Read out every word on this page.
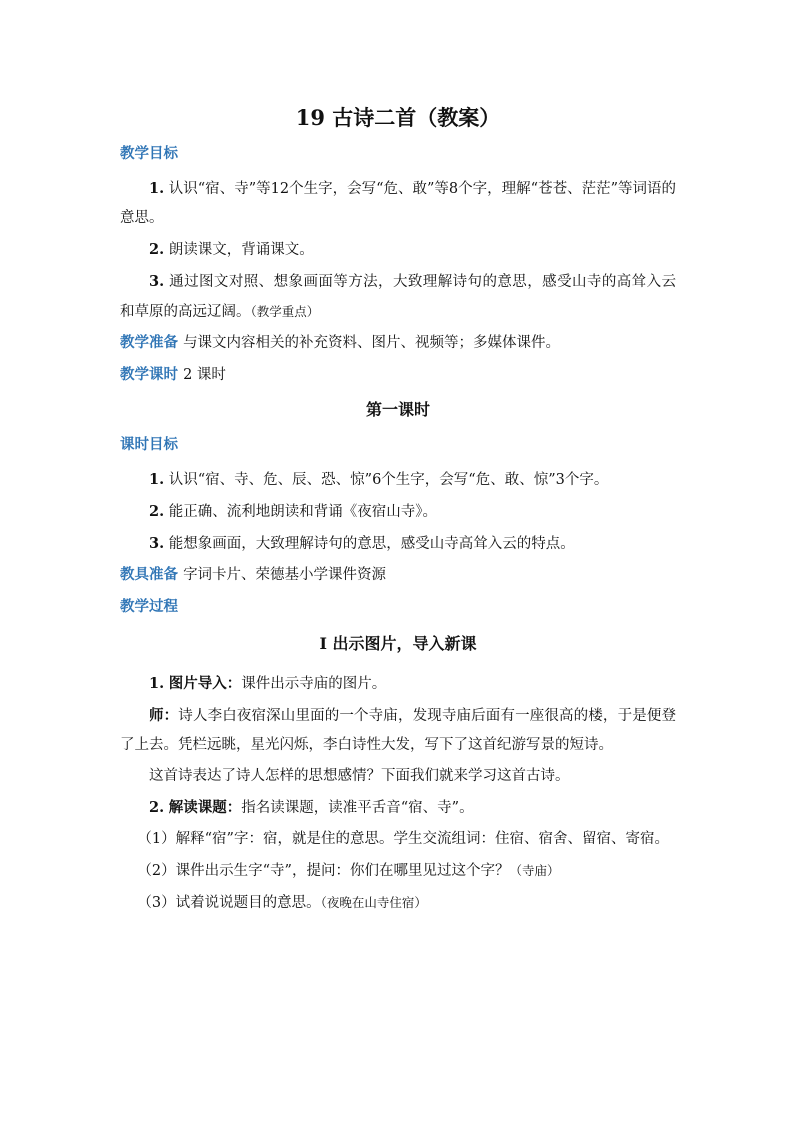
19 古诗二首（教案）
教学目标

1. 认识“宿、寺”等12个生字，会写“危、敢”等8个字，理解“苍苍、茫茫”等词语的意思。

2. 朗读课文，背诵课文。

3. 通过图文对照、想象画面等方法，大致理解诗句的意思，感受山寺的高耸入云和草原的高远辽阔。（教学重点）

教学准备 与课文内容相关的补充资料、图片、视频等；多媒体课件。
教学课时 2 课时
第一课时
课时目标

1. 认识“宿、寺、危、辰、恐、惊”6个生字，会写“危、敢、惊”3个字。

2. 能正确、流利地朗读和背诵《夜宿山寺》。

3. 能想象画面，大致理解诗句的意思，感受山寺高耸入云的特点。

教具准备 字词卡片、荣德基小学课件资源
教学过程
Ⅰ 出示图片，导入新课

1. 图片导入：课件出示寺庙的图片。

师：诗人李白夜宿深山里面的一个寺庙，发现寺庙后面有一座很高的楼，于是便登了上去。凭栏远眺，星光闪烁，李白诗性大发，写下了这首纪游写景的短诗。

这首诗表达了诗人怎样的思想感情？下面我们就来学习这首古诗。

2. 解读课题：指名读课题，读准平舌音“宿、寺”。

（1）解释“宿”字：宿，就是住的意思。学生交流组词：住宿、宿舍、留宿、寄宿。

（2）课件出示生字“寺”，提问：你们在哪里见过这个字？（寺庙）

（3）试着说说题目的意思。（夜晚在山寺住宿）
